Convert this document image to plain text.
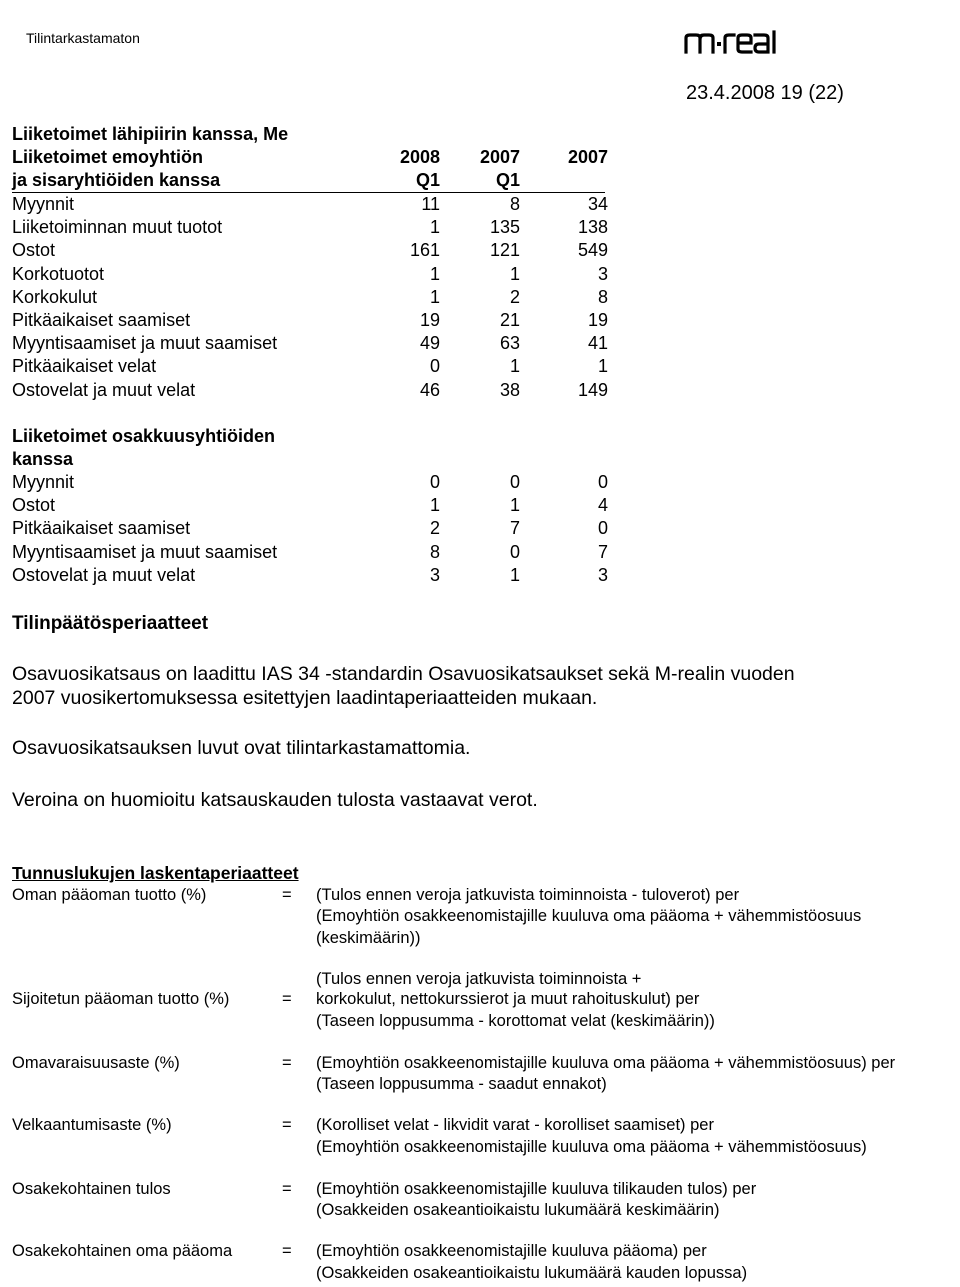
Tilintarkastamaton
23.4.2008 19 (22)
Liiketoimet lähipiirin kanssa, Me
Liiketoimet emoyhtiön	2008	2007	2007
ja sisaryhtiöiden kanssa	Q1	Q1
Myynnit	11	8	34
Liiketoiminnan muut tuotot	1	135	138
Ostot	161	121	549
Korkotuotot	1	1	3
Korkokulut	1	2	8
Pitkäaikaiset saamiset	19	21	19
Myyntisaamiset ja muut saamiset	49	63	41
Pitkäaikaiset velat	0	1	1
Ostovelat ja muut velat	46	38	149
Liiketoimet osakkuusyhtiöiden
kanssa
Myynnit	0	0	0
Ostot	1	1	4
Pitkäaikaiset saamiset	2	7	0
Myyntisaamiset ja muut saamiset	8	0	7
Ostovelat ja muut velat	3	1	3
Tilinpäätösperiaatteet
Osavuosikatsaus on laadittu IAS 34 -standardin Osavuosikatsaukset sekä M-realin vuoden
2007 vuosikertomuksessa esitettyjen laadintaperiaatteiden mukaan.
Osavuosikatsauksen luvut ovat tilintarkastamattomia.
Veroina on huomioitu katsauskauden tulosta vastaavat verot.
Tunnuslukujen laskentaperiaatteet
Oman pääoman tuotto (%)	= (Tulos ennen veroja jatkuvista toiminnoista - tuloverot) per
(Emoyhtiön osakkeenomistajille kuuluva oma pääoma + vähemmistöosuus
(keskimäärin))
Sijoitetun pääoman tuotto (%)	=
(Tulos ennen veroja jatkuvista toiminnoista +
korkokulut, nettokurssierot ja muut rahoituskulut) per
(Taseen loppusumma - korottomat velat (keskimäärin))
Omavaraisuusaste (%)	= (Emoyhtiön osakkeenomistajille kuuluva oma pääoma + vähemmistöosuus) per
(Taseen loppusumma - saadut ennakot)
Velkaantumisaste (%)	= (Korolliset velat - likvidit varat - korolliset saamiset) per
(Emoyhtiön osakkeenomistajille kuuluva oma pääoma + vähemmistöosuus)
Osakekohtainen tulos	= (Emoyhtiön osakkeenomistajille kuuluva tilikauden tulos) per
(Osakkeiden osakeantioikaistu lukumäärä keskimäärin)
Osakekohtainen oma pääoma	= (Emoyhtiön osakkeenomistajille kuuluva pääoma) per
(Osakkeiden osakeantioikaistu lukumäärä kauden lopussa)
